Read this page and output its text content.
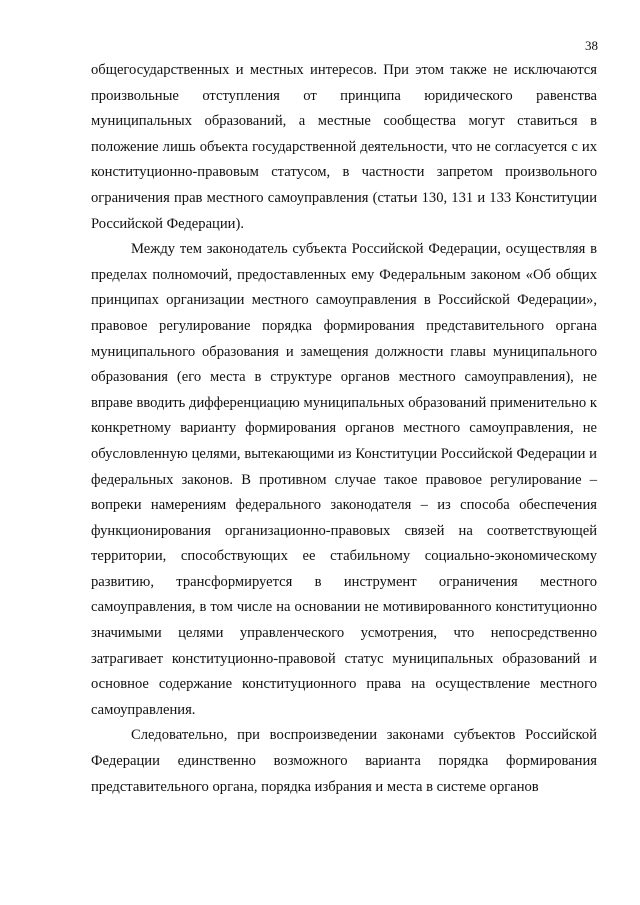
38

общегосударственных и местных интересов. При этом также не исключаются произвольные отступления от принципа юридического равенства муниципальных образований, а местные сообщества могут ставиться в положение лишь объекта государственной деятельности, что не согласуется с их конституционно-правовым статусом, в частности запретом произвольного ограничения прав местного самоуправления (статьи 130, 131 и 133 Конституции Российской Федерации).

Между тем законодатель субъекта Российской Федерации, осуществляя в пределах полномочий, предоставленных ему Федеральным законом «Об общих принципах организации местного самоуправления в Российской Федерации», правовое регулирование порядка формирования представительного органа муниципального образования и замещения должности главы муниципального образования (его места в структуре органов местного самоуправления), не вправе вводить дифференциацию муниципальных образований применительно к конкретному варианту формирования органов местного самоуправления, не обусловленную целями, вытекающими из Конституции Российской Федерации и федеральных законов. В противном случае такое правовое регулирование – вопреки намерениям федерального законодателя – из способа обеспечения функционирования организационно-правовых связей на соответствующей территории, способствующих ее стабильному социально-экономическому развитию, трансформируется в инструмент ограничения местного самоуправления, в том числе на основании не мотивированного конституционно значимыми целями управленческого усмотрения, что непосредственно затрагивает конституционно-правовой статус муниципальных образований и основное содержание конституционного права на осуществление местного самоуправления.

Следовательно, при воспроизведении законами субъектов Российской Федерации единственно возможного варианта порядка формирования представительного органа, порядка избрания и места в системе органов
